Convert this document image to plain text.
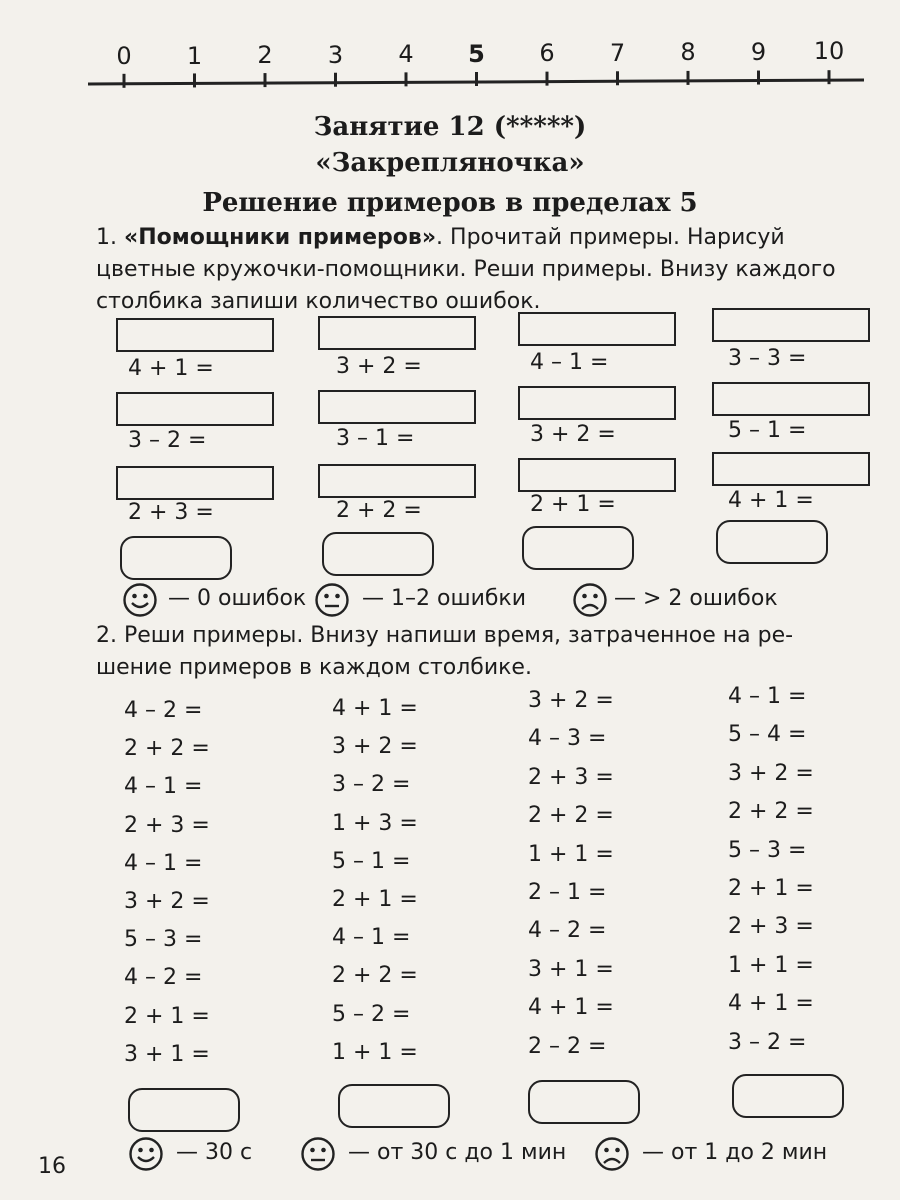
0 1 2 3 4 5 6 7 8 9 10
Занятие 12 (*****)
«Закрепляночка»
Решение примеров в пределах 5
1. «Помощники примеров». Прочитай примеры. Нарисуй
цветные кружочки-помощники. Реши примеры. Внизу каждого
столбика запиши количество ошибок.
4 + 1 =
3 – 2 =
2 + 3 =
3 + 2 =
3 – 1 =
2 + 2 =
4 – 1 =
3 + 2 =
2 + 1 =
3 – 3 =
5 – 1 =
4 + 1 =
— 0 ошибок	— 1–2 ошибки	— > 2 ошибок
2. Реши примеры. Внизу напиши время, затраченное на ре-
шение примеров в каждом столбике.
4 – 2 =
2 + 2 =
4 – 1 =
2 + 3 =
4 – 1 =
3 + 2 =
5 – 3 =
4 – 2 =
2 + 1 =
3 + 1 =
4 + 1 =
3 + 2 =
3 – 2 =
1 + 3 =
5 – 1 =
2 + 1 =
4 – 1 =
2 + 2 =
5 – 2 =
1 + 1 =
3 + 2 =
4 – 3 =
2 + 3 =
2 + 2 =
1 + 1 =
2 – 1 =
4 – 2 =
3 + 1 =
4 + 1 =
2 – 2 =
4 – 1 =
5 – 4 =
3 + 2 =
2 + 2 =
5 – 3 =
2 + 1 =
2 + 3 =
1 + 1 =
4 + 1 =
3 – 2 =
— 30 с	— от 30 с до 1 мин	— от 1 до 2 мин
16
